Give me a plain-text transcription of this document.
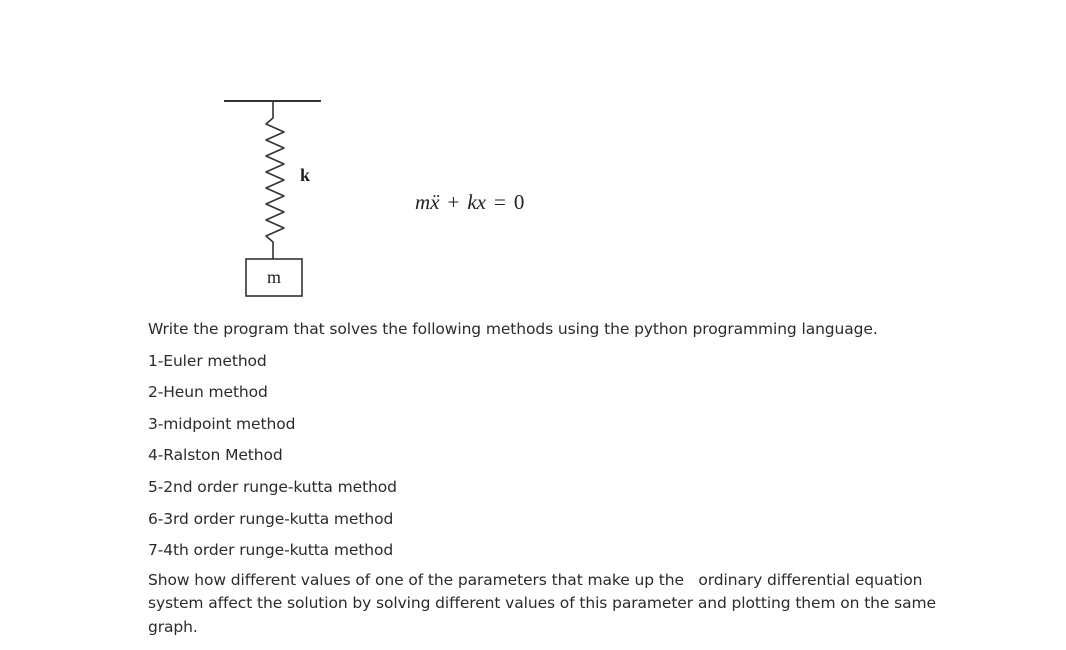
k
m
mẍ + kx = 0
Write the program that solves the following methods using the python programming language.
1-Euler method
2-Heun method
3-midpoint method
4-Ralston Method
5-2nd order runge-kutta method
6-3rd order runge-kutta method
7-4th order runge-kutta method
Show how different values of one of the parameters that make up the   ordinary differential equation system affect the solution by solving different values of this parameter and plotting them on the same graph.
